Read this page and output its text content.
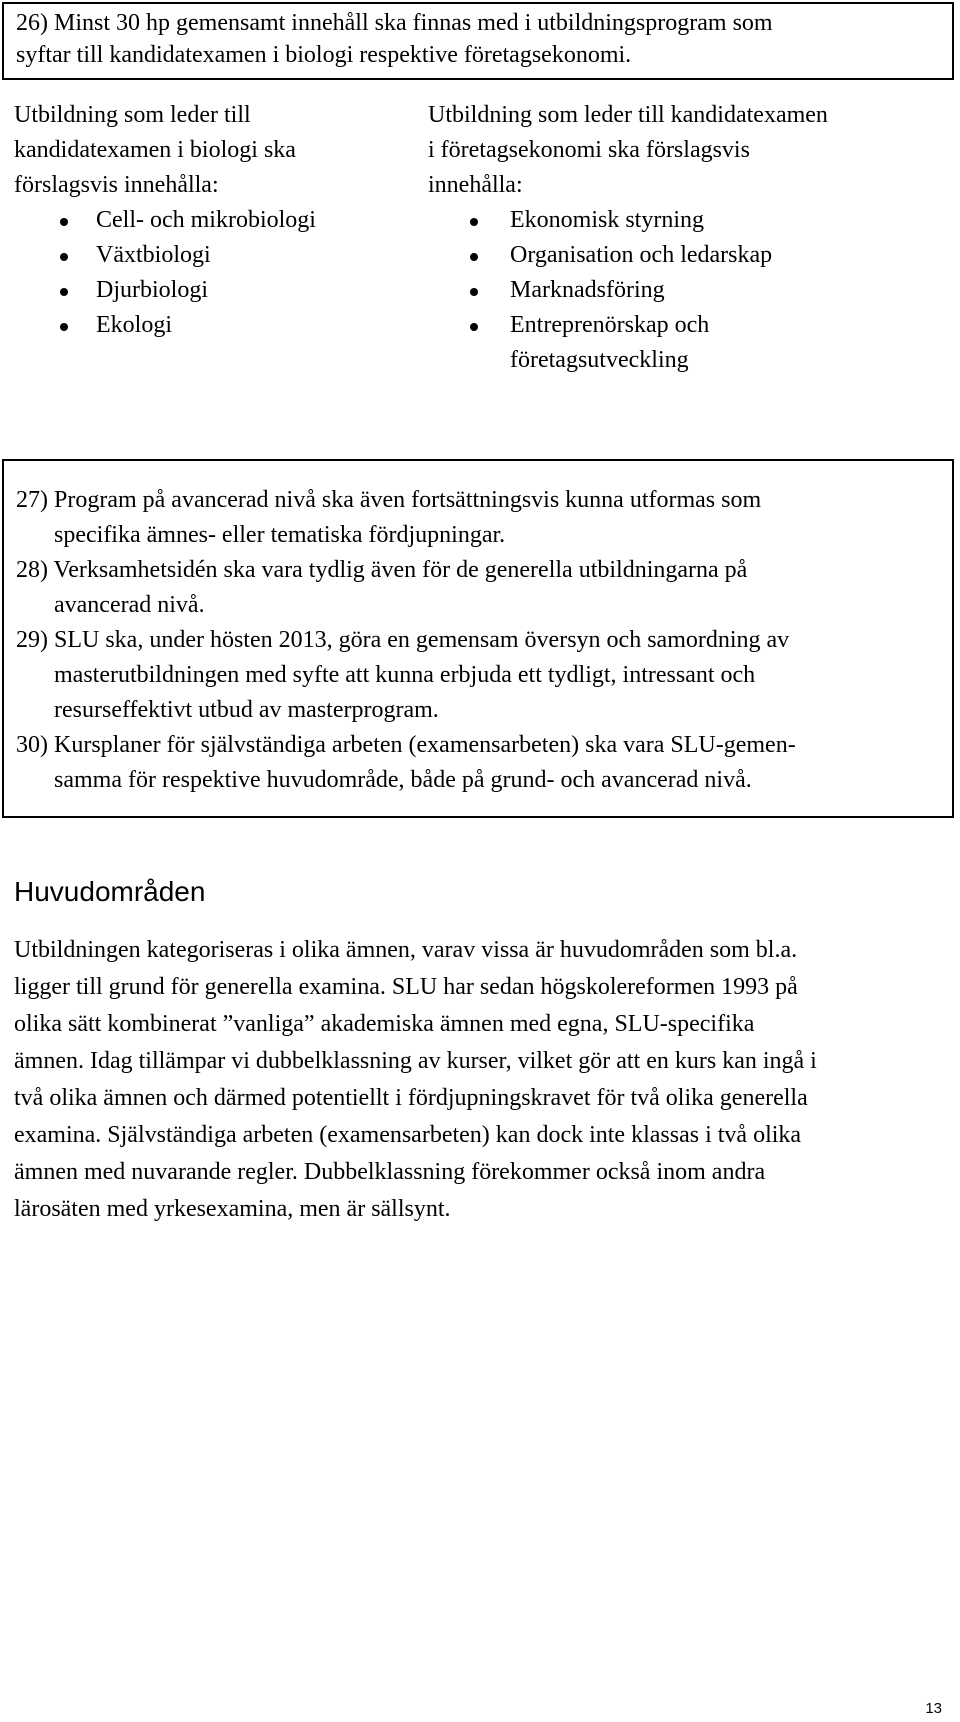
26) Minst 30 hp gemensamt innehåll ska finnas med i utbildningsprogram som
syftar till kandidatexamen i biologi respektive företagsekonomi.
Utbildning som leder till
kandidatexamen i biologi ska
förslagsvis innehålla:
Cell- och mikrobiologi
Växtbiologi
Djurbiologi
Ekologi
Utbildning som leder till kandidatexamen
i företagsekonomi ska förslagsvis
innehålla:
Ekonomisk styrning
Organisation och ledarskap
Marknadsföring
Entreprenörskap och
företagsutveckling
27) Program på avancerad nivå ska även fortsättningsvis kunna utformas som
specifika ämnes- eller tematiska fördjupningar.
28) Verksamhetsidén ska vara tydlig även för de generella utbildningarna på
avancerad nivå.
29) SLU ska, under hösten 2013, göra en gemensam översyn och samordning av
masterutbildningen med syfte att kunna erbjuda ett tydligt, intressant och
resurseffektivt utbud av masterprogram.
30) Kursplaner för självständiga arbeten (examensarbeten) ska vara SLU-gemen-
samma för respektive huvudområde, både på grund- och avancerad nivå.
Huvudområden
Utbildningen kategoriseras i olika ämnen, varav vissa är huvudområden som bl.a.
ligger till grund för generella examina. SLU har sedan högskolereformen 1993 på
olika sätt kombinerat ”vanliga” akademiska ämnen med egna, SLU-specifika
ämnen. Idag tillämpar vi dubbelklassning av kurser, vilket gör att en kurs kan ingå i
två olika ämnen och därmed potentiellt i fördjupningskravet för två olika generella
examina. Självständiga arbeten (examensarbeten) kan dock inte klassas i två olika
ämnen med nuvarande regler. Dubbelklassning förekommer också inom andra
lärosäten med yrkesexamina, men är sällsynt.
13
